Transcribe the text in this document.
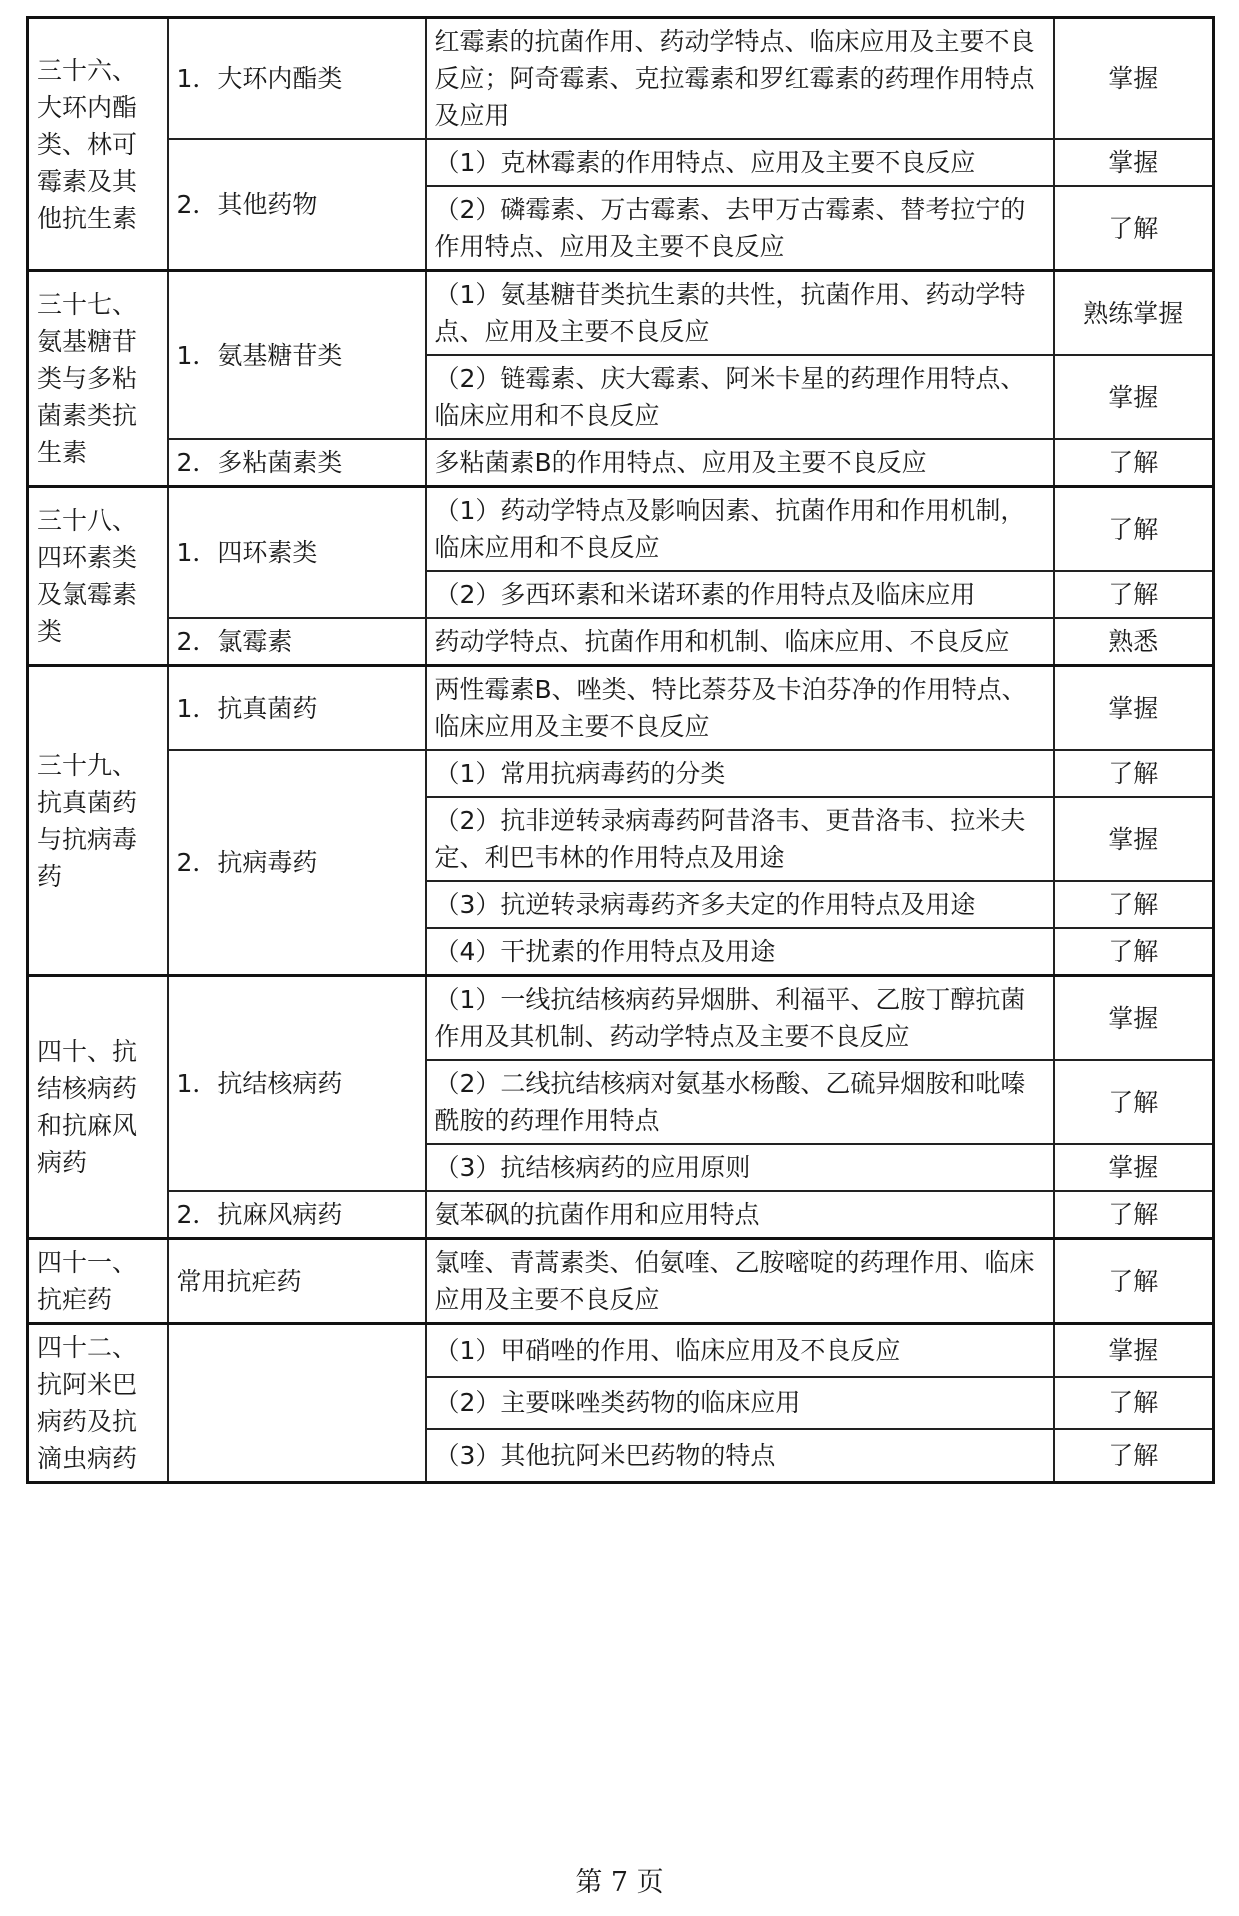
三十六、大环内酯类、林可霉素及其他抗生素	1．大环内酯类	红霉素的抗菌作用、药动学特点、临床应用及主要不良反应；阿奇霉素、克拉霉素和罗红霉素的药理作用特点及应用	掌握
	2．其他药物	（1）克林霉素的作用特点、应用及主要不良反应	掌握
		（2）磷霉素、万古霉素、去甲万古霉素、替考拉宁的作用特点、应用及主要不良反应	了解
三十七、氨基糖苷类与多粘菌素类抗生素	1．氨基糖苷类	（1）氨基糖苷类抗生素的共性，抗菌作用、药动学特点、应用及主要不良反应	熟练掌握
		（2）链霉素、庆大霉素、阿米卡星的药理作用特点、临床应用和不良反应	掌握
	2．多粘菌素类	多粘菌素B的作用特点、应用及主要不良反应	了解
三十八、四环素类及氯霉素类	1．四环素类	（1）药动学特点及影响因素、抗菌作用和作用机制，临床应用和不良反应	了解
		（2）多西环素和米诺环素的作用特点及临床应用	了解
	2．氯霉素	药动学特点、抗菌作用和机制、临床应用、不良反应	熟悉
三十九、抗真菌药与抗病毒药	1．抗真菌药	两性霉素B、唑类、特比萘芬及卡泊芬净的作用特点、临床应用及主要不良反应	掌握
	2．抗病毒药	（1）常用抗病毒药的分类	了解
		（2）抗非逆转录病毒药阿昔洛韦、更昔洛韦、拉米夫定、利巴韦林的作用特点及用途	掌握
		（3）抗逆转录病毒药齐多夫定的作用特点及用途	了解
		（4）干扰素的作用特点及用途	了解
四十、抗结核病药和抗麻风病药	1．抗结核病药	（1）一线抗结核病药异烟肼、利福平、乙胺丁醇抗菌作用及其机制、药动学特点及主要不良反应	掌握
		（2）二线抗结核病对氨基水杨酸、乙硫异烟胺和吡嗪酰胺的药理作用特点	了解
		（3）抗结核病药的应用原则	掌握
	2．抗麻风病药	氨苯砜的抗菌作用和应用特点	了解
四十一、抗疟药	常用抗疟药	氯喹、青蒿素类、伯氨喹、乙胺嘧啶的药理作用、临床应用及主要不良反应	了解
四十二、抗阿米巴病药及抗滴虫病药		（1）甲硝唑的作用、临床应用及不良反应	掌握
		（2）主要咪唑类药物的临床应用	了解
		（3）其他抗阿米巴药物的特点	了解
第 7 页
